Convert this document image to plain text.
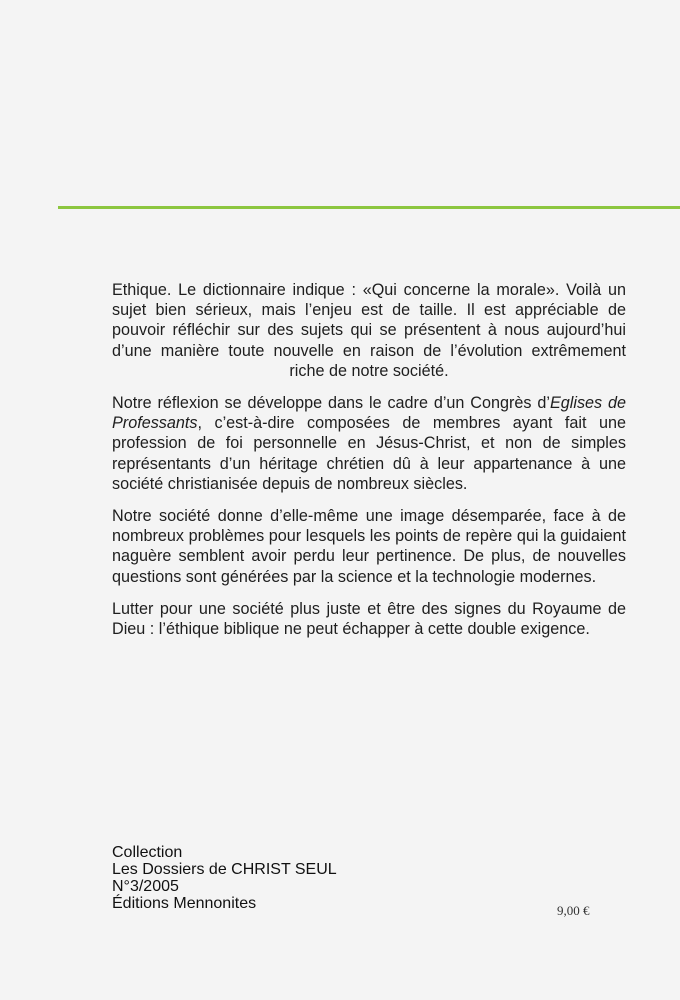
Ethique. Le dictionnaire indique : «Qui concerne la morale». Voilà un sujet bien sérieux, mais l’enjeu est de taille. Il est appréciable de pouvoir réfléchir sur des sujets qui se présentent à nous aujourd’hui d’une manière toute nouvelle en raison de l’évolution extrêmement riche de notre société.

Notre réflexion se développe dans le cadre d’un Congrès d’Eglises de Professants, c’est-à-dire composées de membres ayant fait une profession de foi personnelle en Jésus-Christ, et non de simples représentants d’un héritage chrétien dû à leur appartenance à une société christianisée depuis de nombreux siècles.

Notre société donne d’elle-même une image désemparée, face à de nombreux problèmes pour lesquels les points de repère qui la guidaient naguère semblent avoir perdu leur pertinence. De plus, de nouvelles questions sont générées par la science et la technologie modernes.

Lutter pour une société plus juste et être des signes du Royaume de Dieu : l’éthique biblique ne peut échapper à cette double exigence.

Collection
Les Dossiers de CHRIST SEUL
N°3/2005
Éditions Mennonites	9,00 €
